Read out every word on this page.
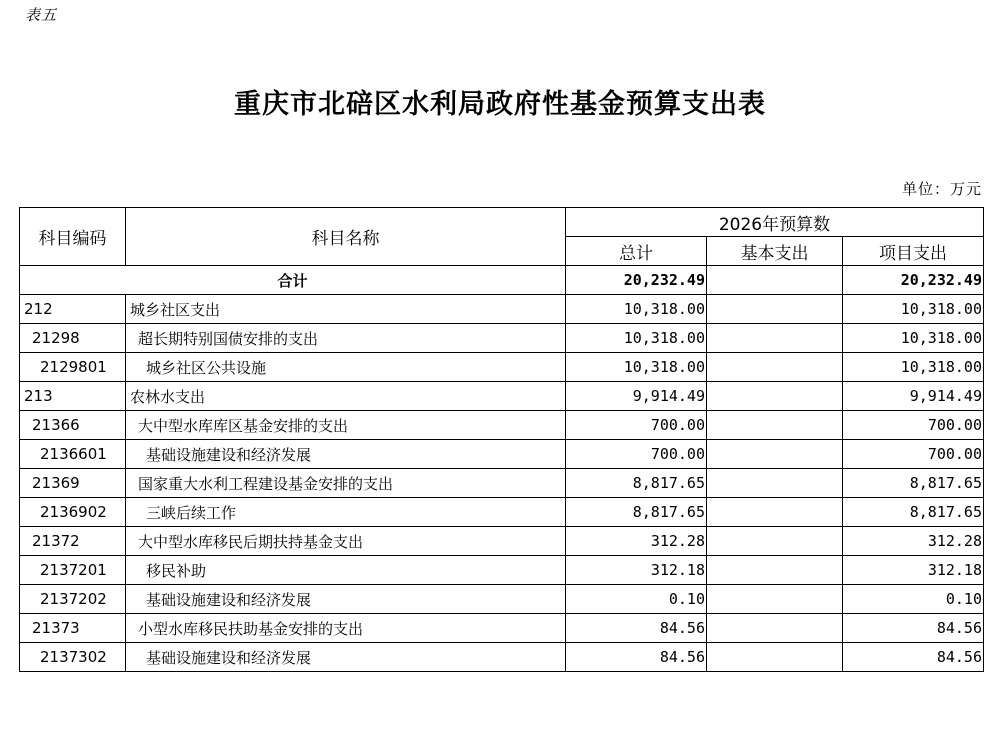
表五
重庆市北碚区水利局政府性基金预算支出表
单位：万元
科目编码	科目名称	2026年预算数		
		总计	基本支出	项目支出
合计		20,232.49		20,232.49
212	城乡社区支出	10,318.00		10,318.00
21298	超长期特别国债安排的支出	10,318.00		10,318.00
2129801	城乡社区公共设施	10,318.00		10,318.00
213	农林水支出	9,914.49		9,914.49
21366	大中型水库库区基金安排的支出	700.00		700.00
2136601	基础设施建设和经济发展	700.00		700.00
21369	国家重大水利工程建设基金安排的支出	8,817.65		8,817.65
2136902	三峡后续工作	8,817.65		8,817.65
21372	大中型水库移民后期扶持基金支出	312.28		312.28
2137201	移民补助	312.18		312.18
2137202	基础设施建设和经济发展	0.10		0.10
21373	小型水库移民扶助基金安排的支出	84.56		84.56
2137302	基础设施建设和经济发展	84.56		84.56
